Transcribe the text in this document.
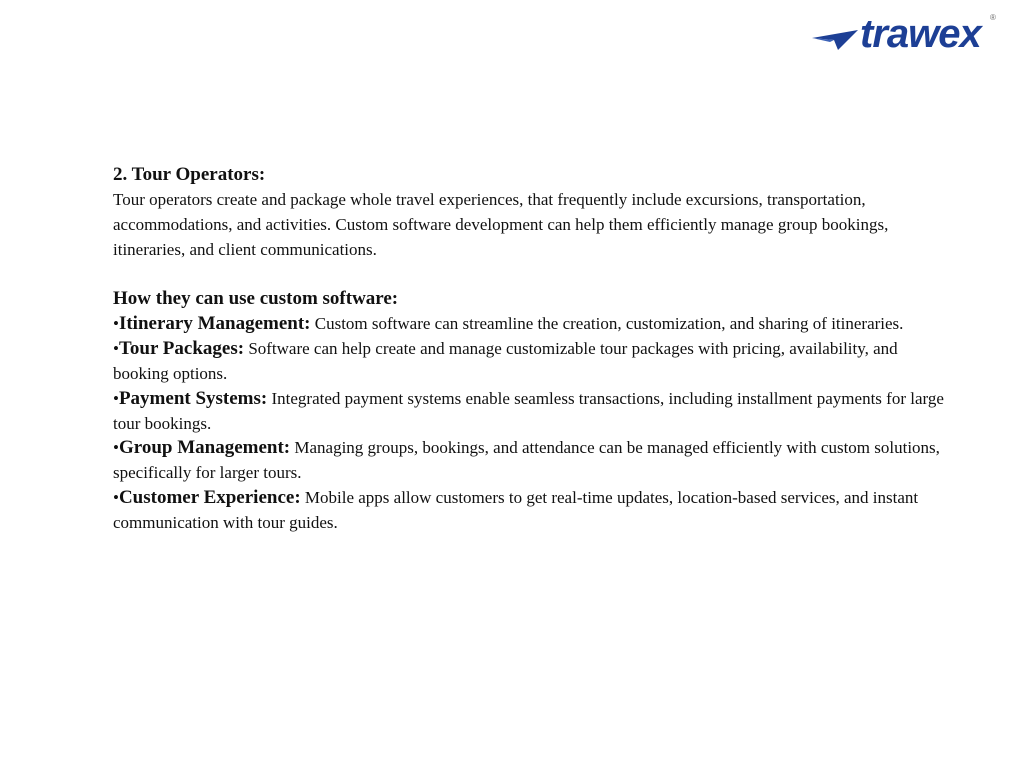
trawex ®
2. Tour Operators:

Tour operators create and package whole travel experiences, that frequently include excursions, transportation, accommodations, and activities. Custom software development can help them efficiently manage group bookings, itineraries, and client communications.

How they can use custom software:
•Itinerary Management: Custom software can streamline the creation, customization, and sharing of itineraries.
•Tour Packages: Software can help create and manage customizable tour packages with pricing, availability, and booking options.
•Payment Systems: Integrated payment systems enable seamless transactions, including installment payments for large tour bookings.
•Group Management: Managing groups, bookings, and attendance can be managed efficiently with custom solutions, specifically for larger tours.
•Customer Experience: Mobile apps allow customers to get real-time updates, location-based services, and instant communication with tour guides.
